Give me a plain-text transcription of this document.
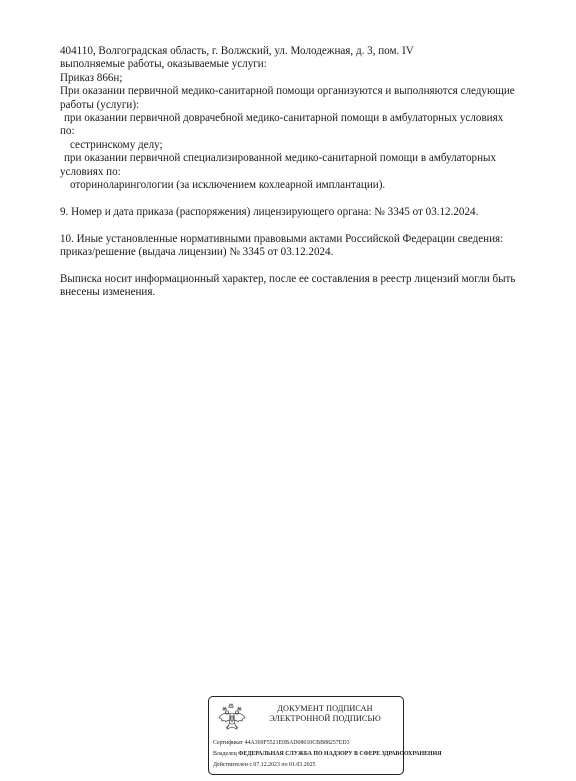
404110, Волгоградская область, г. Волжский, ул. Молодежная, д. 3, пом. IV
выполняемые работы, оказываемые услуги:
Приказ 866н;
При оказании первичной медико-санитарной помощи организуются и выполняются следующие
работы (услуги):
при оказании первичной доврачебной медико-санитарной помощи в амбулаторных условиях
по:
сестринскому делу;
при оказании первичной специализированной медико-санитарной помощи в амбулаторных
условиях по:
оториноларингологии (за исключением кохлеарной имплантации).
9. Номер и дата приказа (распоряжения) лицензирующего органа: № 3345 от 03.12.2024.
10. Иные установленные нормативными правовыми актами Российской Федерации сведения:
приказ/решение (выдача лицензии) № 3345 от 03.12.2024.
Выписка носит информационный характер, после ее составления в реестр лицензий могли быть
внесены изменения.
ДОКУМЕНТ ПОДПИСАН
ЭЛЕКТРОННОЙ ПОДПИСЬЮ
Сертификат 44A369F5521E0BAD08610CBB88257ED3
Владелец ФЕДЕРАЛЬНАЯ СЛУЖБА ПО НАДЗОРУ В СФЕРЕ ЗДРАВООХРАНЕНИЯ
Действителен с 07.12.2023 по 01.03.2025
